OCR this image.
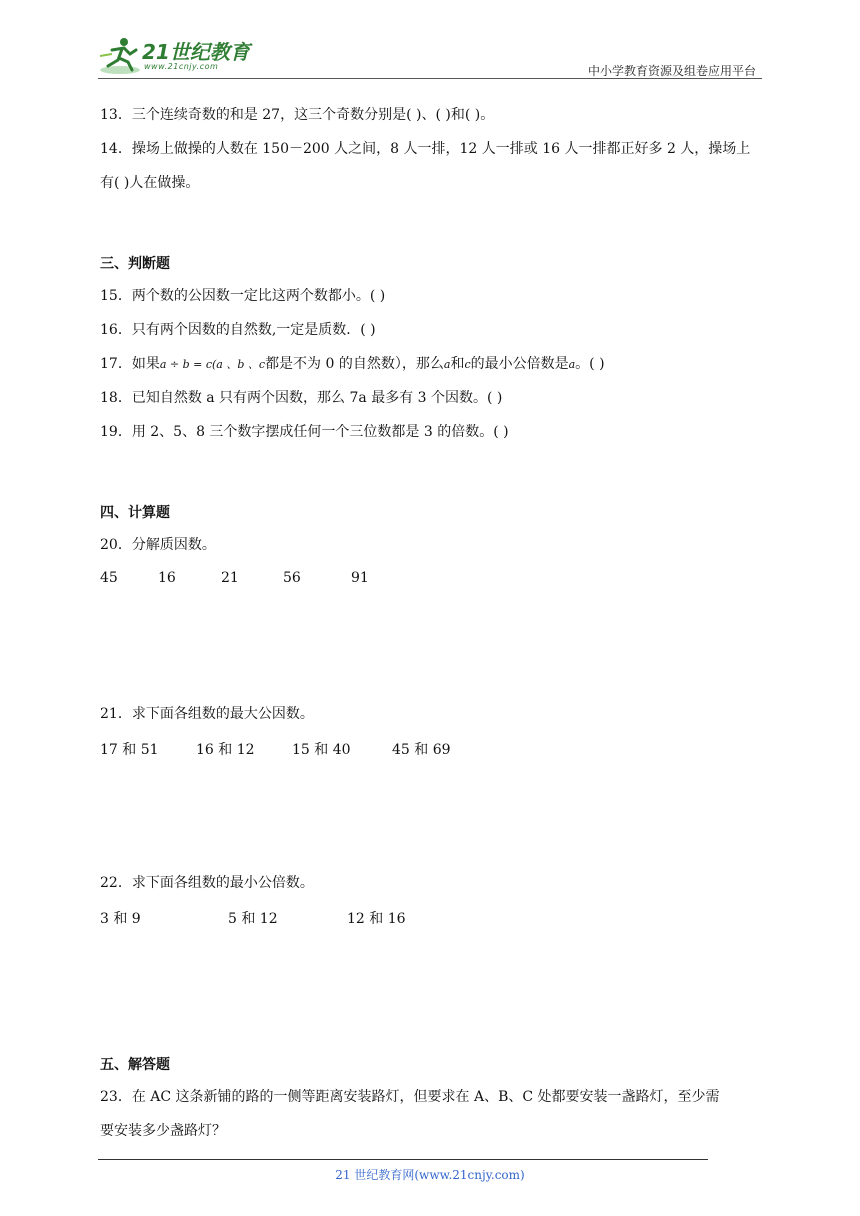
21世纪教育
www.21cnjy.com	中小学教育资源及组卷应用平台
13．三个连续奇数的和是 27，这三个奇数分别是( )、( )和( )。
14．操场上做操的人数在 150－200 人之间，8 人一排，12 人一排或 16 人一排都正好多 2 人，操场上
有( )人在做操。
三、判断题
15．两个数的公因数一定比这两个数都小。( )
16．只有两个因数的自然数,一定是质数．( )
17．如果a ÷ b = c(a 、b 、c都是不为 0 的自然数），那么a和c的最小公倍数是a。( )
18．已知自然数 a 只有两个因数，那么 7a 最多有 3 个因数。( )
19．用 2、5、8 三个数字摆成任何一个三位数都是 3 的倍数。( )
四、计算题
20．分解质因数。
45	16	21	56	91
21．求下面各组数的最大公因数。
17 和 51	16 和 12	15 和 40	45 和 69
22．求下面各组数的最小公倍数。
3 和 9	5 和 12	12 和 16
五、解答题
23．在 AC 这条新铺的路的一侧等距离安装路灯，但要求在 A、B、C 处都要安装一盏路灯，至少需
要安装多少盏路灯？
21 世纪教育网(www.21cnjy.com)
